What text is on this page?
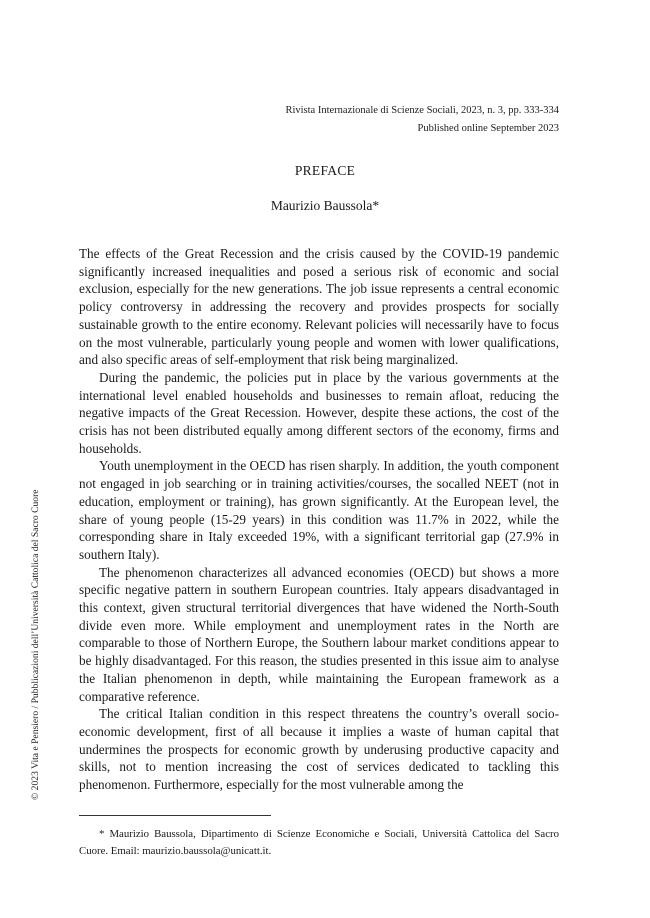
Rivista Internazionale di Scienze Sociali, 2023, n. 3, pp. 333-334
Published online September 2023
PREFACE
Maurizio Baussola*

The effects of the Great Recession and the crisis caused by the COVID-19 pandemic significantly increased inequalities and posed a serious risk of economic and social exclusion, especially for the new generations. The job issue represents a central economic policy controversy in addressing the recovery and provides prospects for socially sustainable growth to the entire economy. Relevant policies will necessarily have to focus on the most vulnerable, particularly young people and women with lower qualifications, and also specific areas of self-employment that risk being marginalized.

During the pandemic, the policies put in place by the various governments at the international level enabled households and businesses to remain afloat, reducing the negative impacts of the Great Recession. However, despite these actions, the cost of the crisis has not been distributed equally among different sectors of the economy, firms and households.

Youth unemployment in the OECD has risen sharply. In addition, the youth component not engaged in job searching or in training activities/courses, the socalled NEET (not in education, employment or training), has grown significantly. At the European level, the share of young people (15-29 years) in this condition was 11.7% in 2022, while the corresponding share in Italy exceeded 19%, with a significant territorial gap (27.9% in southern Italy).

The phenomenon characterizes all advanced economies (OECD) but shows a more specific negative pattern in southern European countries. Italy appears disadvantaged in this context, given structural territorial divergences that have widened the North-South divide even more. While employment and unemployment rates in the North are comparable to those of Northern Europe, the Southern labour market conditions appear to be highly disadvantaged. For this reason, the studies presented in this issue aim to analyse the Italian phenomenon in depth, while maintaining the European framework as a comparative reference.

The critical Italian condition in this respect threatens the country’s overall socio-economic development, first of all because it implies a waste of human capital that undermines the prospects for economic growth by underusing productive capacity and skills, not to mention increasing the cost of services dedicated to tackling this phenomenon. Furthermore, especially for the most vulnerable among the

* Maurizio Baussola, Dipartimento di Scienze Economiche e Sociali, Università Cattolica del Sacro Cuore. Email: maurizio.baussola@unicatt.it.
© 2023 Vita e Pensiero / Pubblicazioni dell’Università Cattolica del Sacro Cuore
